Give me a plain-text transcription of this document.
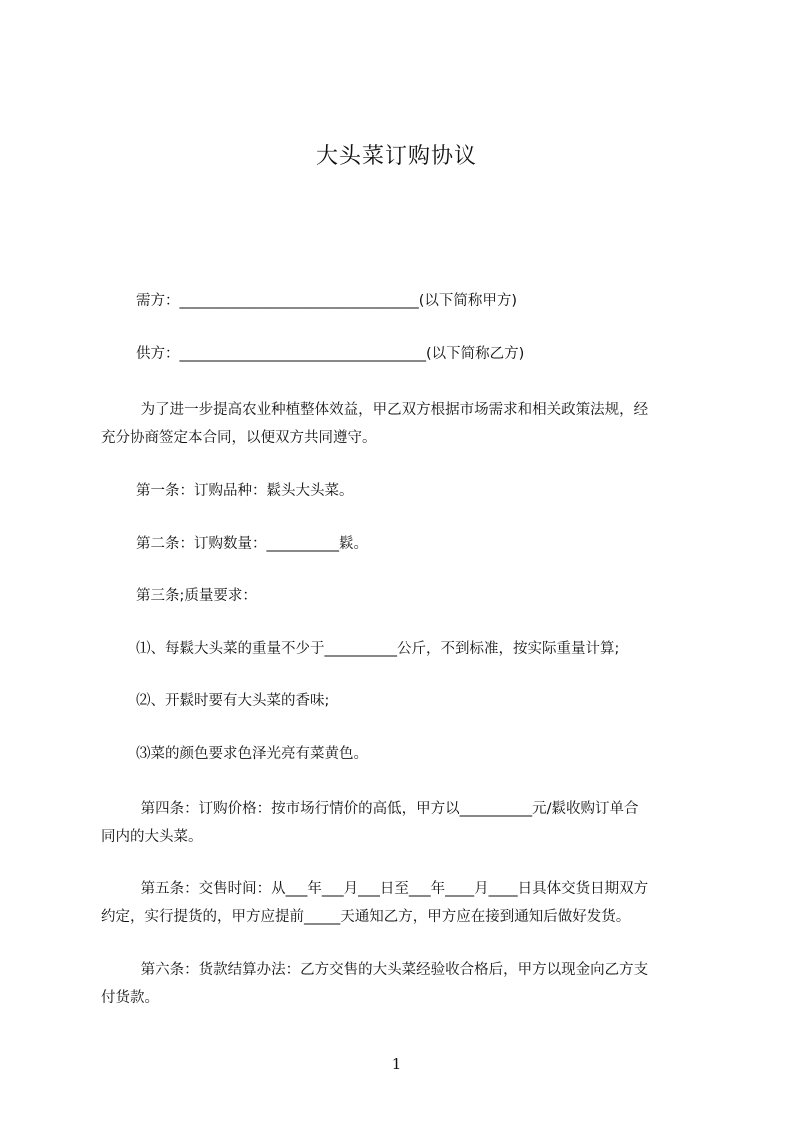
大头菜订购协议

需方：_________________________________(以下简称甲方)

供方：__________________________________(以下简称乙方)

为了进一步提高农业种植整体效益，甲乙双方根据市场需求和相关政策法规，经
充分协商签定本合同，以便双方共同遵守。

第一条：订购品种：鬏头大头菜。

第二条：订购数量：__________鬏。

第三条;质量要求：

⑴、每鬏大头菜的重量不少于__________公斤，不到标准，按实际重量计算;

⑵、开鬏时要有大头菜的香味;

⑶菜的颜色要求色泽光亮有菜黄色。

第四条：订购价格：按市场行情价的高低，甲方以__________元/鬏收购订单合
同内的大头菜。
第五条：交售时间：从___年___月___日至___年____月____日具体交货日期双方
约定，实行提货的，甲方应提前_____天通知乙方，甲方应在接到通知后做好发货。
第六条：货款结算办法：乙方交售的大头菜经验收合格后，甲方以现金向乙方支
付货款。
1
